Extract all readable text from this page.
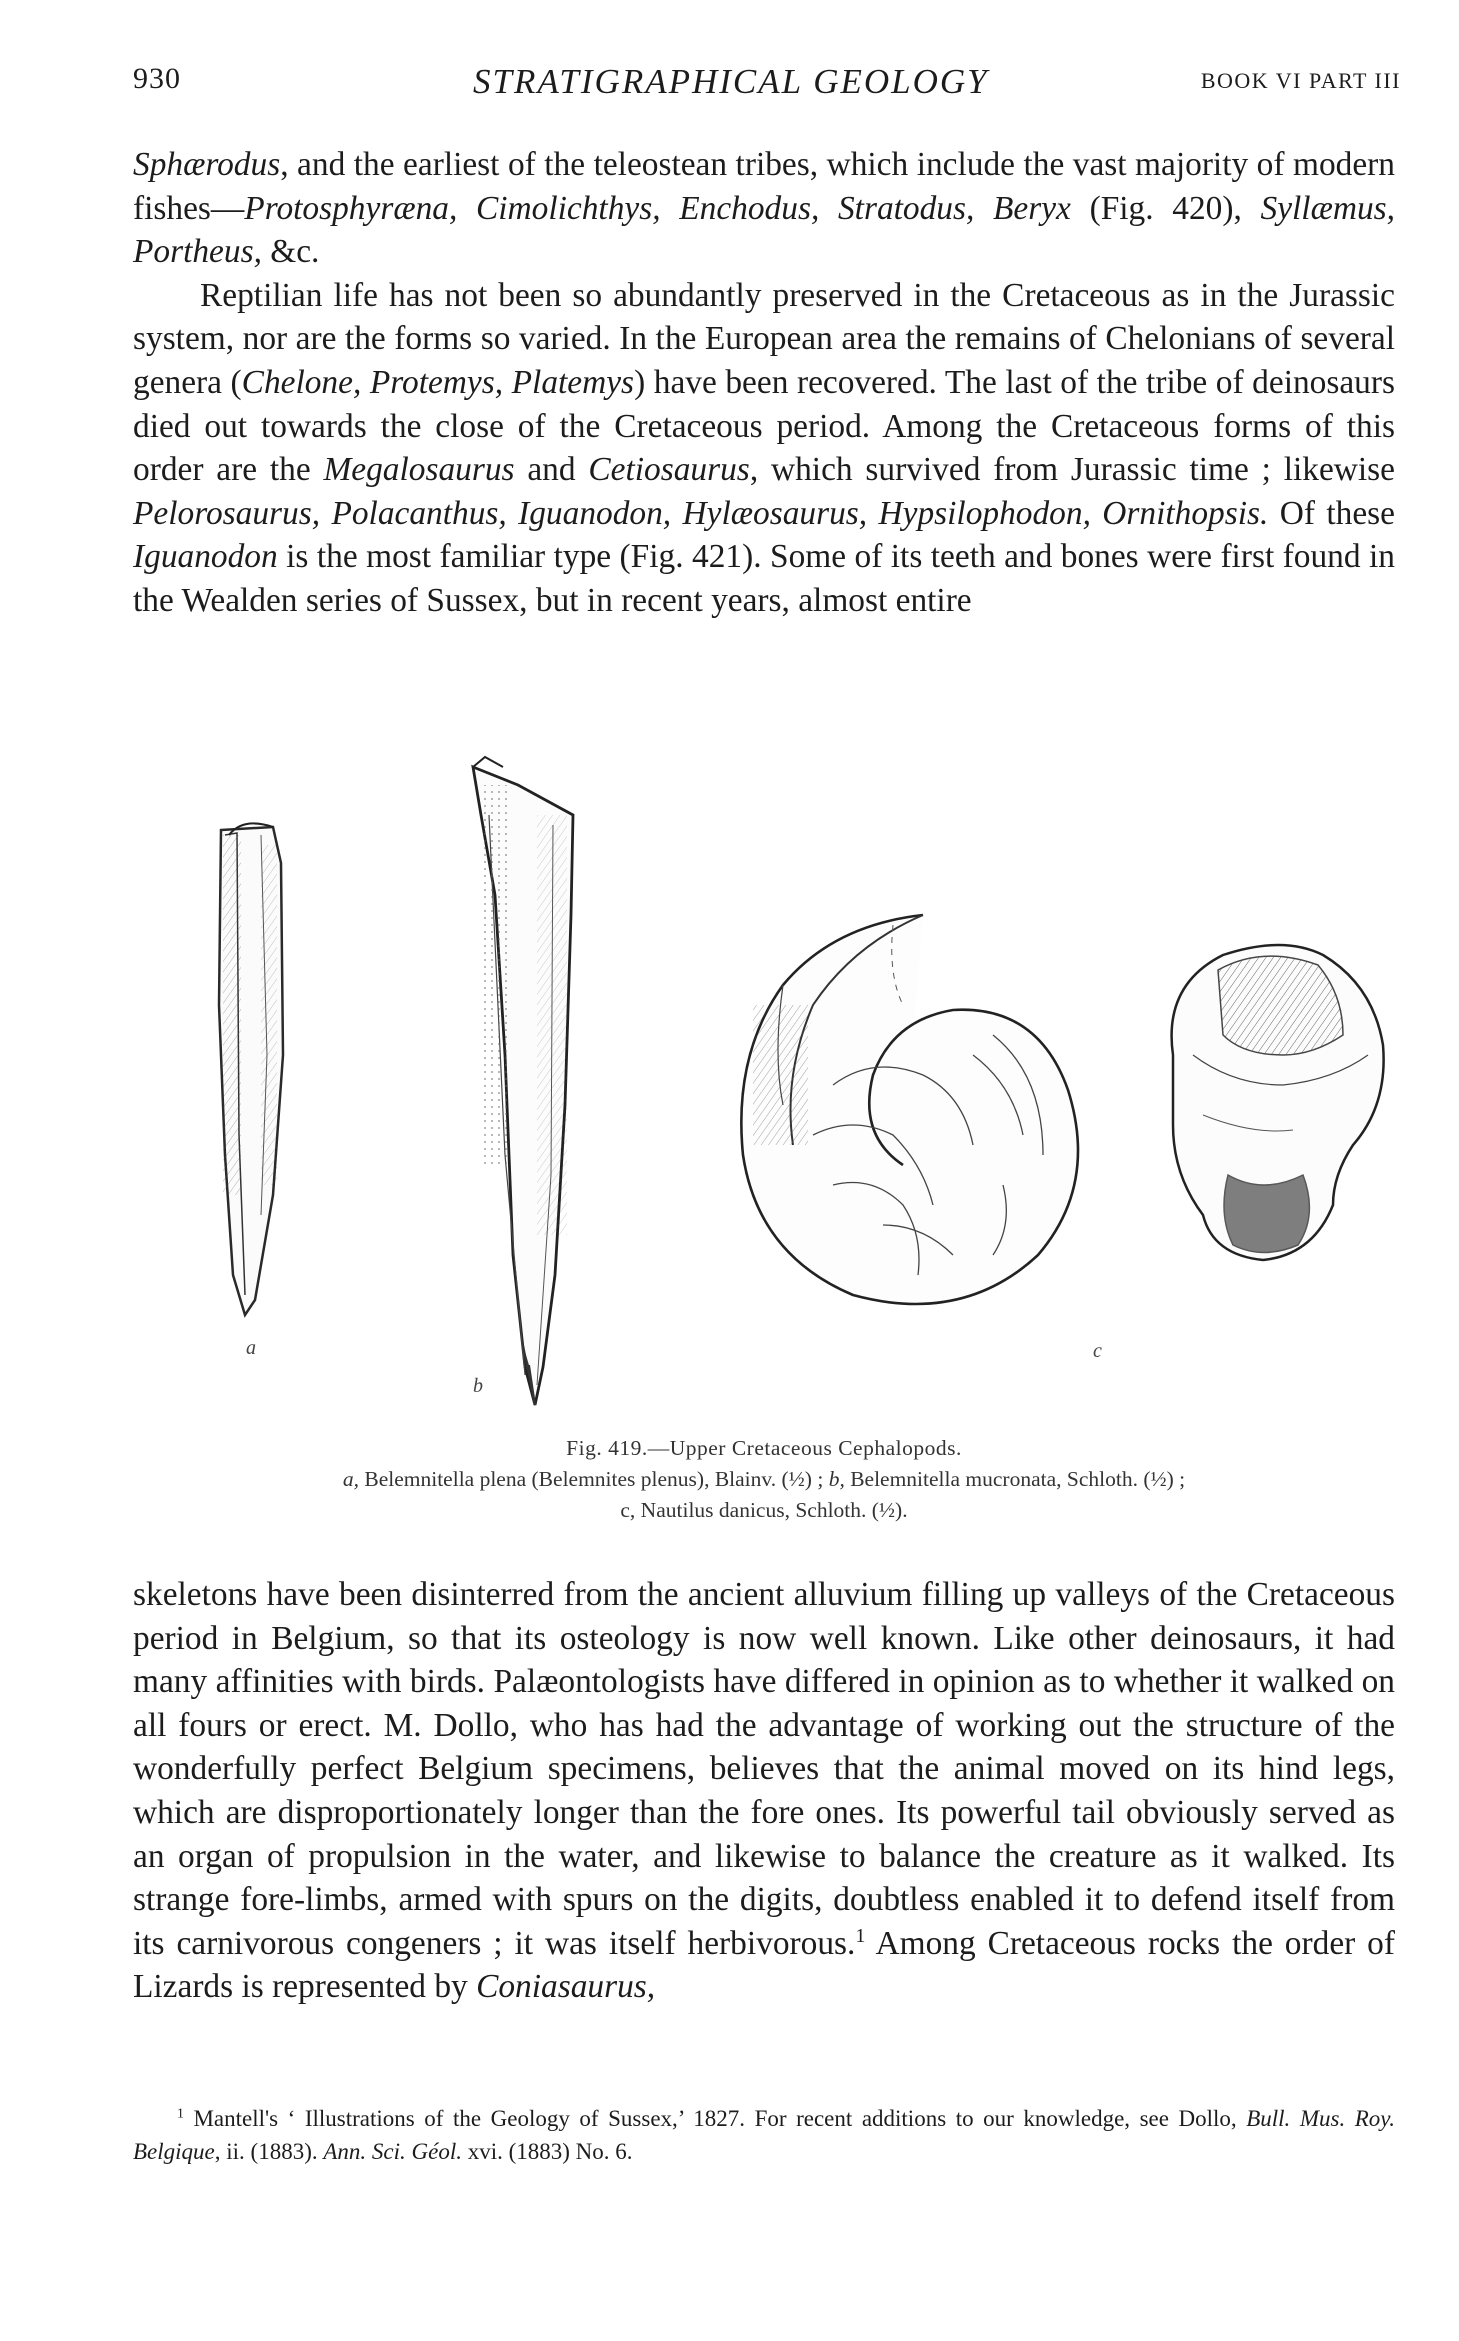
930	STRATIGRAPHICAL GEOLOGY	BOOK VI PART III

Sphærodus, and the earliest of the teleostean tribes, which include the vast majority of modern fishes—Protosphyræna, Cimolichthys, Enchodus, Stratodus, Beryx (Fig. 420), Syllæmus, Portheus, &c.

Reptilian life has not been so abundantly preserved in the Cretaceous as in the Jurassic system, nor are the forms so varied. In the European area the remains of Chelonians of several genera (Chelone, Protemys, Platemys) have been recovered. The last of the tribe of deinosaurs died out towards the close of the Cretaceous period. Among the Cretaceous forms of this order are the Megalosaurus and Cetiosaurus, which survived from Jurassic time ; likewise Pelorosaurus, Polacanthus, Iguanodon, Hylæosaurus, Hypsilophodon, Ornithopsis. Of these Iguanodon is the most familiar type (Fig. 421). Some of its teeth and bones were first found in the Wealden series of Sussex, but in recent years, almost entire

a
b
c
Fig. 419.—Upper Cretaceous Cephalopods.
a, Belemnitella plena (Belemnites plenus), Blainv. (½) ; b, Belemnitella mucronata, Schloth. (½) ;
c, Nautilus danicus, Schloth. (½).

skeletons have been disinterred from the ancient alluvium filling up valleys of the Cretaceous period in Belgium, so that its osteology is now well known. Like other deinosaurs, it had many affinities with birds. Palæontologists have differed in opinion as to whether it walked on all fours or erect. M. Dollo, who has had the advantage of working out the structure of the wonderfully perfect Belgium specimens, believes that the animal moved on its hind legs, which are disproportionately longer than the fore ones. Its powerful tail obviously served as an organ of propulsion in the water, and likewise to balance the creature as it walked. Its strange fore-limbs, armed with spurs on the digits, doubtless enabled it to defend itself from its carnivorous congeners ; it was itself herbivorous.$^1$ Among Cretaceous rocks the order of Lizards is represented by Coniasaurus,

$^1$ Mantell's ‘ Illustrations of the Geology of Sussex,’ 1827. For recent additions to our knowledge, see Dollo, Bull. Mus. Roy. Belgique, ii. (1883). Ann. Sci. Géol. xvi. (1883) No. 6.
